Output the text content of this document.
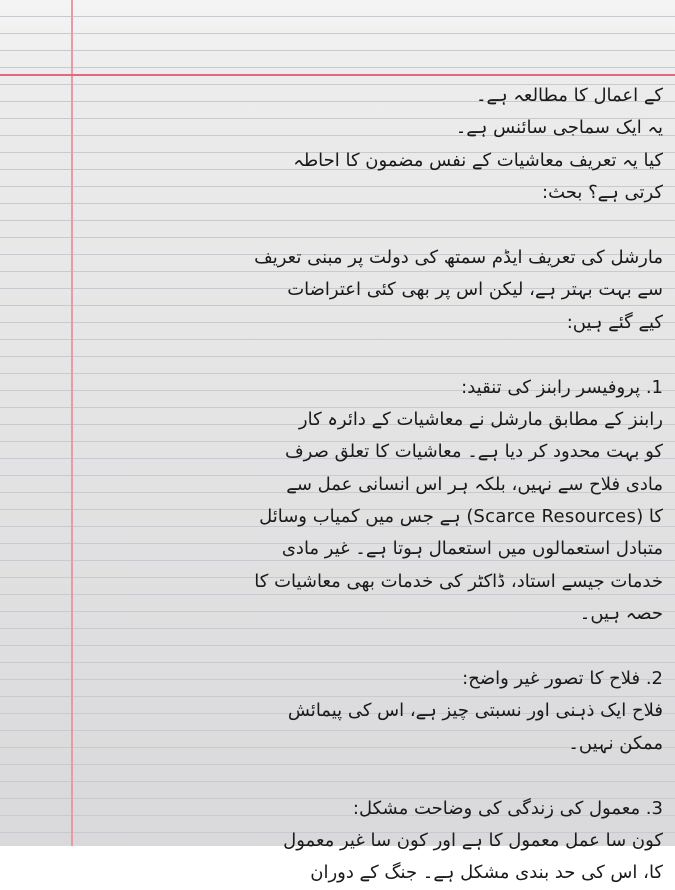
کے اعمال کا مطالعہ ہے۔
یہ ایک سماجی سائنس ہے۔
کیا یہ تعریف معاشیات کے نفس مضمون کا احاطہ
کرتی ہے؟ بحث:
مارشل کی تعریف ایڈم سمتھ کی دولت پر مبنی تعریف
سے بہت بہتر ہے، لیکن اس پر بھی کئی اعتراضات
کیے گئے ہیں:
1. پروفیسر رابنز کی تنقید:
رابنز کے مطابق مارشل نے معاشیات کے دائرہ کار
کو بہت محدود کر دیا ہے۔ معاشیات کا تعلق صرف
مادی فلاح سے نہیں، بلکہ ہر اس انسانی عمل سے
کا (Scarce Resources) ہے جس میں کمیاب وسائل
متبادل استعمالوں میں استعمال ہوتا ہے۔ غیر مادی
خدمات جیسے استاد، ڈاکٹر کی خدمات بھی معاشیات کا
حصہ ہیں۔
2. فلاح کا تصور غیر واضح:
فلاح ایک ذہنی اور نسبتی چیز ہے، اس کی پیمائش
ممکن نہیں۔
3. معمول کی زندگی کی وضاحت مشکل:
کون سا عمل معمول کا ہے اور کون سا غیر معمول
کا، اس کی حد بندی مشکل ہے۔ جنگ کے دوران
